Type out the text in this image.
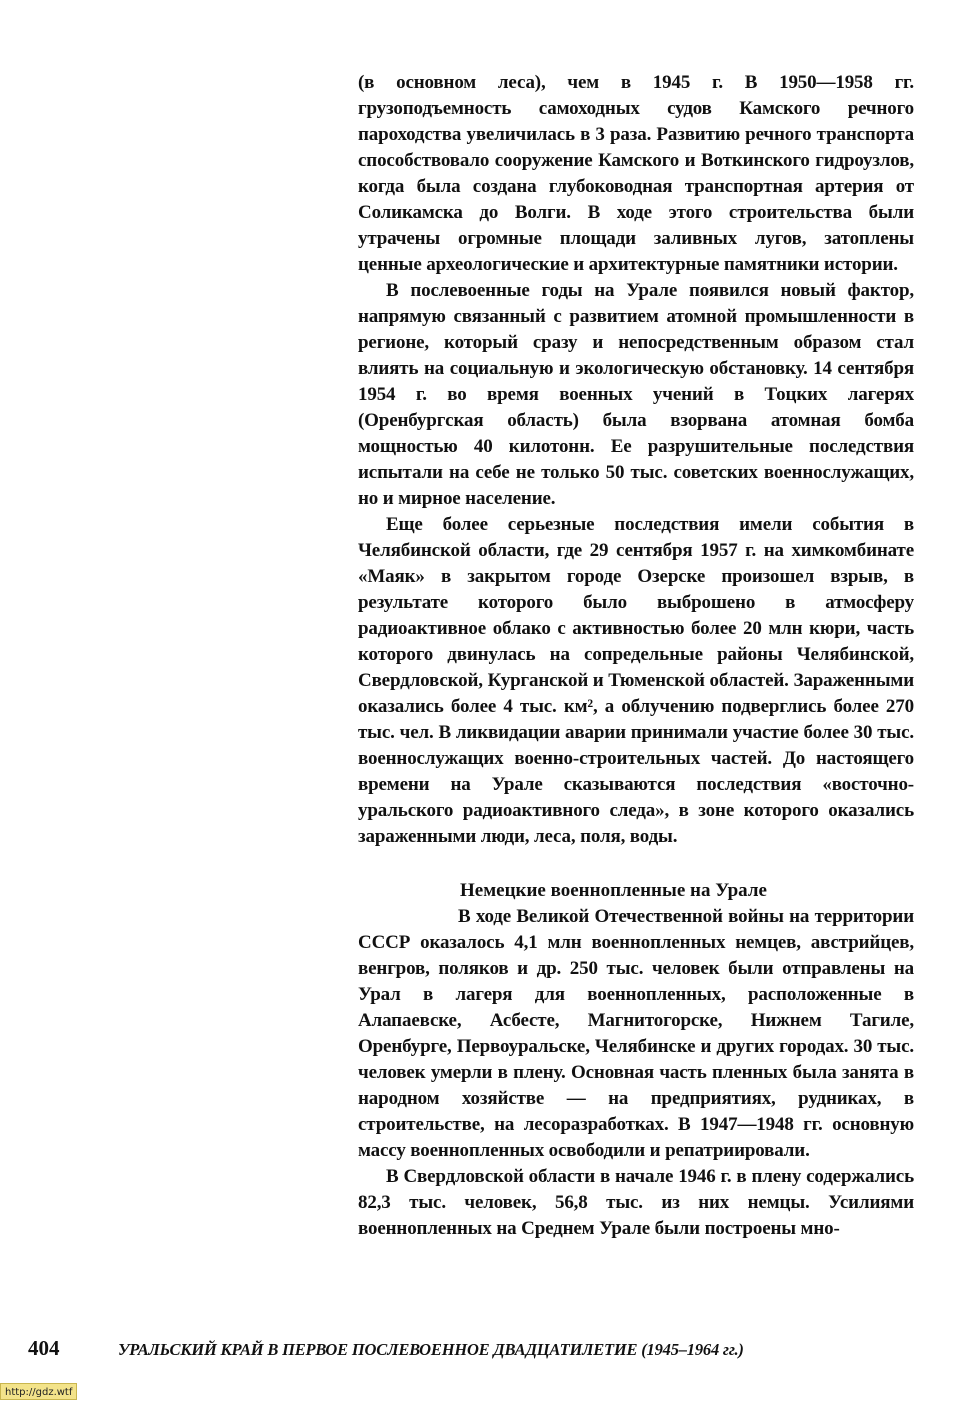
(в основном леса), чем в 1945 г. В 1950—1958 гг. грузоподъемность самоходных судов Камского речного пароходства увеличилась в 3 раза. Развитию речного транспорта способствовало сооружение Камского и Воткинского гидроузлов, когда была создана глубоководная транспортная артерия от Соликамска до Волги. В ходе этого строительства были утрачены огромные площади заливных лугов, затоплены ценные археологические и архитектурные памятники истории.

В послевоенные годы на Урале появился новый фактор, напрямую связанный с развитием атомной промышленности в регионе, который сразу и непосредственным образом стал влиять на социальную и экологическую обстановку. 14 сентября 1954 г. во время военных учений в Тоцких лагерях (Оренбургская область) была взорвана атомная бомба мощностью 40 килотонн. Ее разрушительные последствия испытали на себе не только 50 тыс. советских военнослужащих, но и мирное население.

Еще более серьезные последствия имели события в Челябинской области, где 29 сентября 1957 г. на химкомбинате «Маяк» в закрытом городе Озерске произошел взрыв, в результате которого было выброшено в атмосферу радиоактивное облако с активностью более 20 млн кюри, часть которого двинулась на сопредельные районы Челябинской, Свердловской, Курганской и Тюменской областей. Зараженными оказались более 4 тыс. км², а облучению подверглись более 270 тыс. чел. В ликвидации аварии принимали участие более 30 тыс. военнослужащих военно-строительных частей. До настоящего времени на Урале сказываются последствия «восточно-уральского радиоактивного следа», в зоне которого оказались зараженными люди, леса, поля, воды.

Немецкие военнопленные на Урале

В ходе Великой Отечественной войны на территории СССР оказалось 4,1 млн военнопленных немцев, австрийцев, венгров, поляков и др. 250 тыс. человек были отправлены на Урал в лагеря для военнопленных, расположенные в Алапаевске, Асбесте, Магнитогорске, Нижнем Тагиле, Оренбурге, Первоуральске, Челябинске и других городах. 30 тыс. человек умерли в плену. Основная часть пленных была занята в народном хозяйстве — на предприятиях, рудниках, в строительстве, на лесоразработках. В 1947—1948 гг. основную массу военнопленных освободили и репатриировали.

В Свердловской области в начале 1946 г. в плену содержались 82,3 тыс. человек, 56,8 тыс. из них немцы. Усилиями военнопленных на Среднем Урале были построены мно-

404	УРАЛЬСКИЙ КРАЙ В ПЕРВОЕ ПОСЛЕВОЕННОЕ ДВАДЦАТИЛЕТИЕ (1945–1964 гг.)
http://gdz.wtf
